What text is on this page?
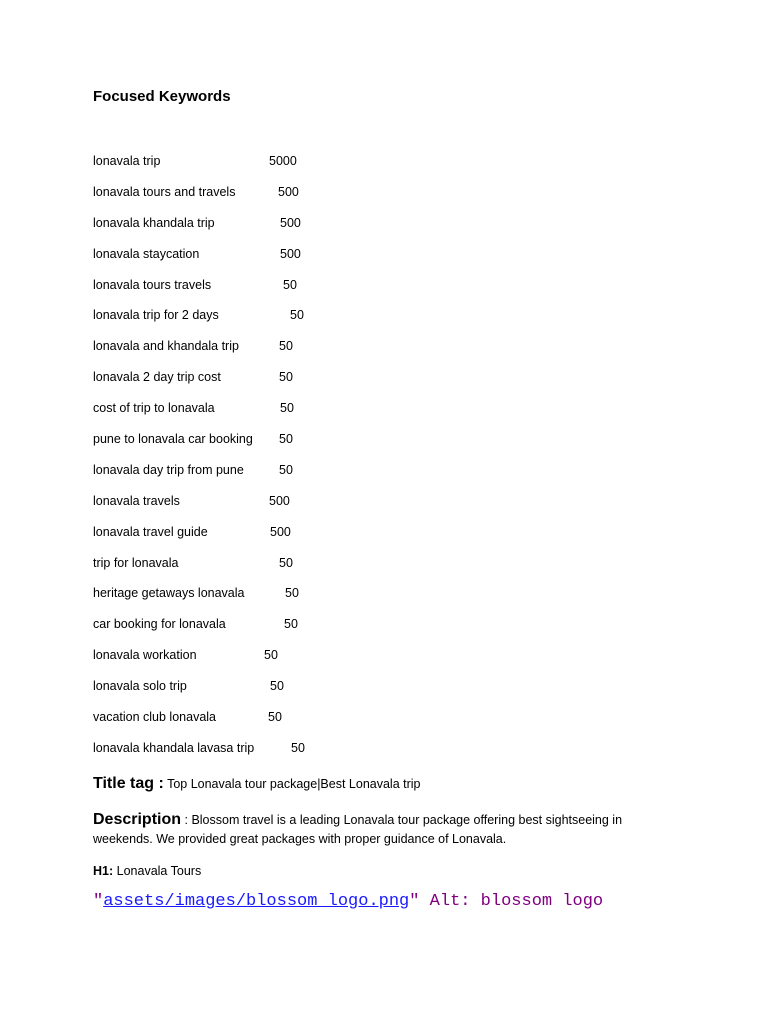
Focused Keywords
lonavala trip	5000
lonavala tours and travels	500
lonavala khandala trip	500
lonavala staycation	500
lonavala tours travels	50
lonavala trip for 2 days	50
lonavala and khandala trip	50
lonavala 2 day trip cost	50
cost of trip to lonavala	50
pune to lonavala car booking 50
lonavala day trip from pune	50
lonavala travels	500
lonavala travel guide	500
trip for lonavala	50
heritage getaways lonavala	50
car booking for lonavala	50
lonavala workation	50
lonavala solo trip	50
vacation club lonavala	50
lonavala khandala lavasa trip	50
Title tag : Top Lonavala tour package|Best Lonavala trip
Description : Blossom travel is a leading Lonavala tour package offering best sightseeing in weekends. We provided great packages with proper guidance of Lonavala.
H1: Lonavala Tours
"assets/images/blossom_logo.png" Alt: blossom logo
